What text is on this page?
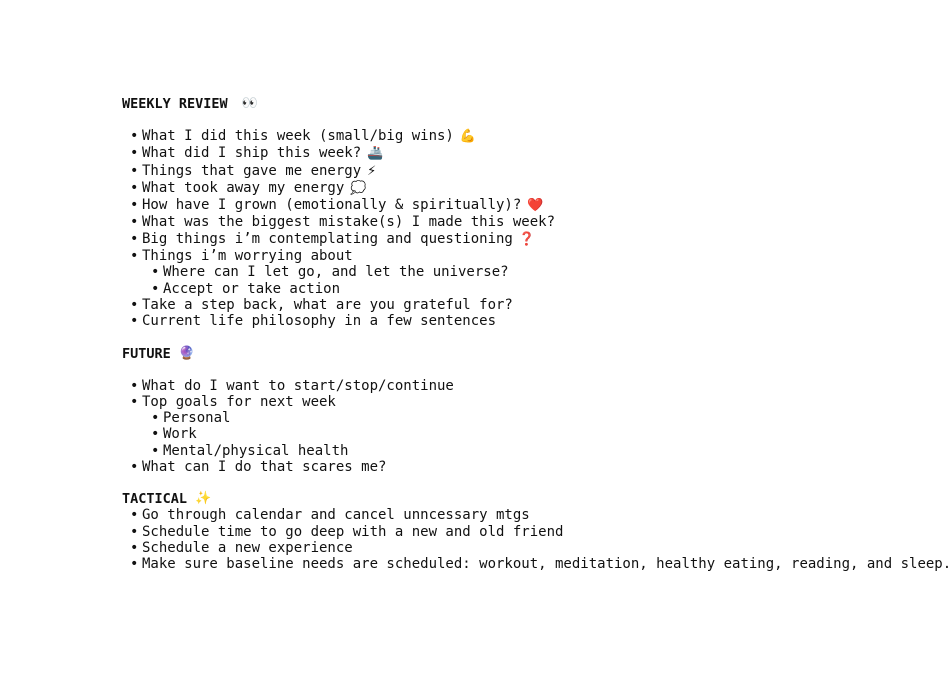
WEEKLY REVIEW 👀
• What I did this week (small/big wins) 💪
• What did I ship this week? 🚢
• Things that gave me energy ⚡
• What took away my energy 💭
• How have I grown (emotionally & spiritually)? ❤️
• What was the biggest mistake(s) I made this week?
• Big things i’m contemplating and questioning ❓
• Things i’m worrying about
• Where can I let go, and let the universe?
• Accept or take action
• Take a step back, what are you grateful for?
• Current life philosophy in a few sentences
FUTURE 🔮
• What do I want to start/stop/continue
• Top goals for next week
• Personal
• Work
• Mental/physical health
• What can I do that scares me?
TACTICAL ✨
• Go through calendar and cancel unncessary mtgs
• Schedule time to go deep with a new and old friend
• Schedule a new experience
• Make sure baseline needs are scheduled: workout, meditation, healthy eating, reading, and sleep.
